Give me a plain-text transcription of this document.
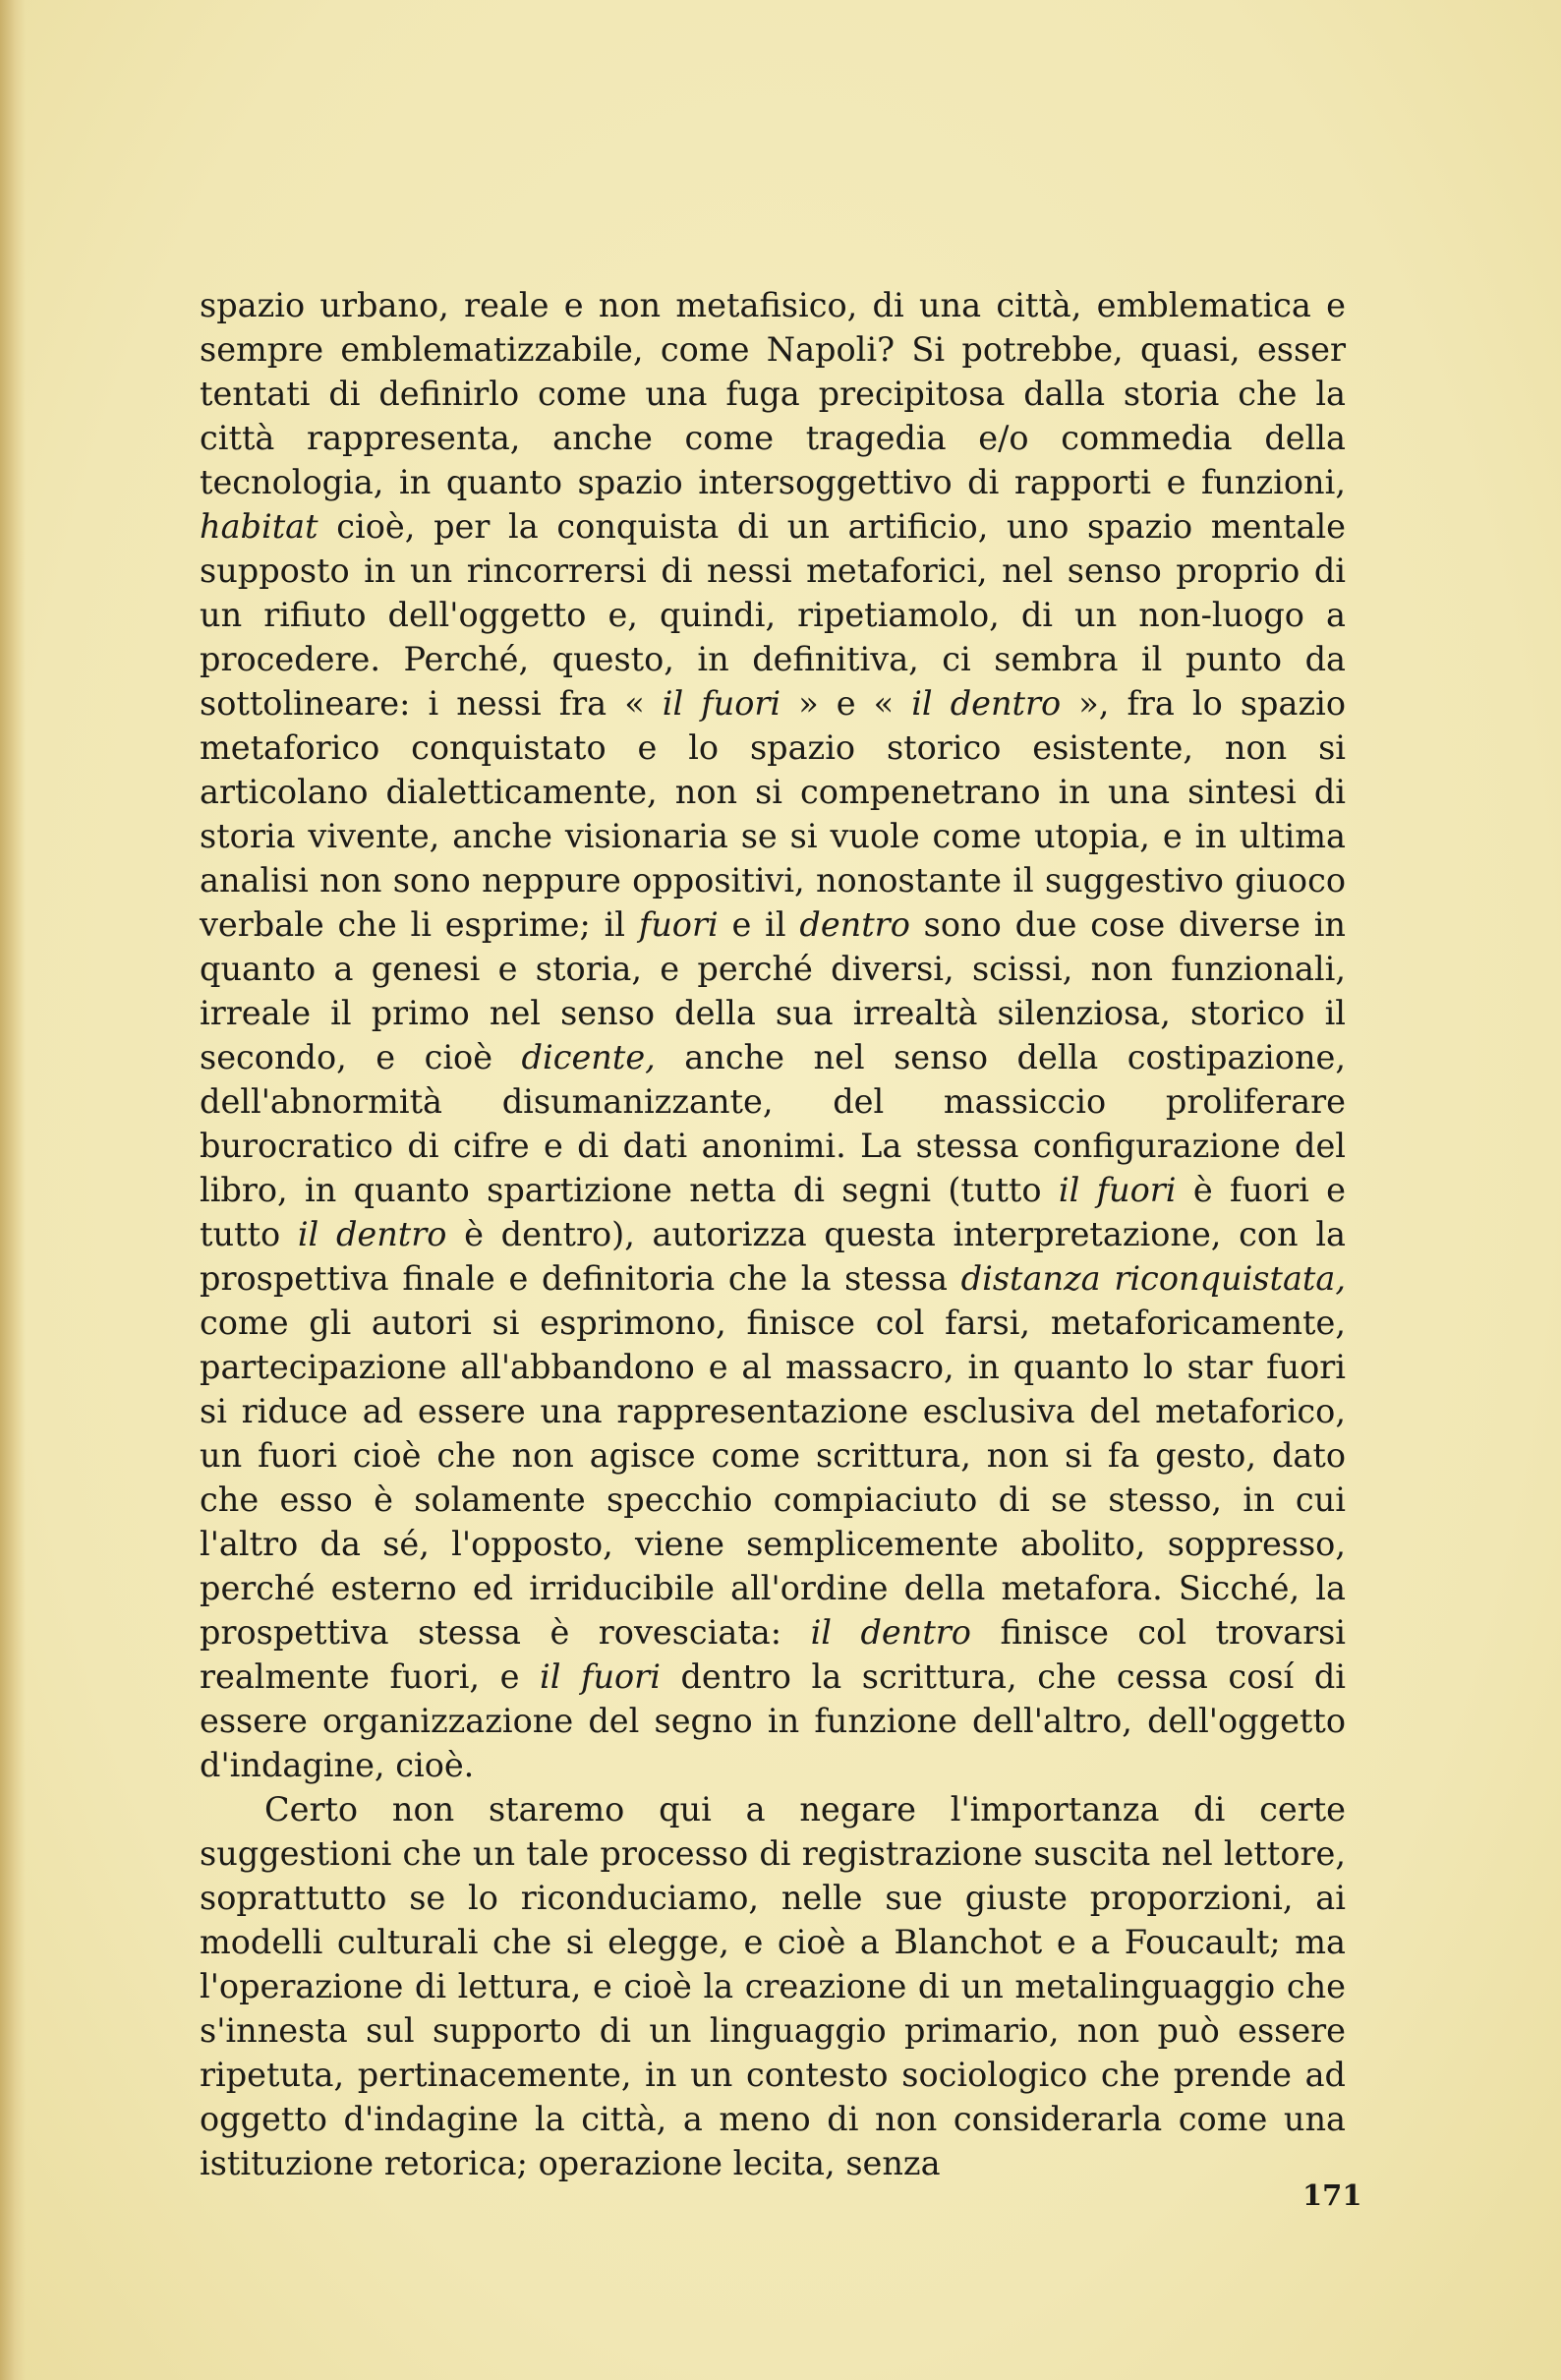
spazio urbano, reale e non metafisico, di una città, emblematica e sempre emblematizzabile, come Napoli? Si potrebbe, quasi, esser tentati di definirlo come una fuga precipitosa dalla storia che la città rappresenta, anche come tragedia e/o commedia della tecnologia, in quanto spazio intersoggettivo di rapporti e funzioni, habitat cioè, per la conquista di un artificio, uno spazio mentale supposto in un rincorrersi di nessi metaforici, nel senso proprio di un rifiuto dell'oggetto e, quindi, ripetiamolo, di un non-luogo a procedere. Perché, questo, in definitiva, ci sembra il punto da sottolineare: i nessi fra « il fuori » e « il dentro », fra lo spazio metaforico conquistato e lo spazio storico esistente, non si articolano dialetticamente, non si compenetrano in una sintesi di storia vivente, anche visionaria se si vuole come utopia, e in ultima analisi non sono neppure oppositivi, nonostante il suggestivo giuoco verbale che li esprime; il fuori e il dentro sono due cose diverse in quanto a genesi e storia, e perché diversi, scissi, non funzionali, irreale il primo nel senso della sua irrealtà silenziosa, storico il secondo, e cioè dicente, anche nel senso della costipazione, dell'abnormità disumanizzante, del massiccio proliferare burocratico di cifre e di dati anonimi. La stessa configurazione del libro, in quanto spartizione netta di segni (tutto il fuori è fuori e tutto il dentro è dentro), autorizza questa interpretazione, con la prospettiva finale e definitoria che la stessa distanza riconquistata, come gli autori si esprimono, finisce col farsi, metaforicamente, partecipazione all'abbandono e al massacro, in quanto lo star fuori si riduce ad essere una rappresentazione esclusiva del metaforico, un fuori cioè che non agisce come scrittura, non si fa gesto, dato che esso è solamente specchio compiaciuto di se stesso, in cui l'altro da sé, l'opposto, viene semplicemente abolito, soppresso, perché esterno ed irriducibile all'ordine della metafora. Sicché, la prospettiva stessa è rovesciata: il dentro finisce col trovarsi realmente fuori, e il fuori dentro la scrittura, che cessa cosí di essere organizzazione del segno in funzione dell'altro, dell'oggetto d'indagine, cioè.

Certo non staremo qui a negare l'importanza di certe suggestioni che un tale processo di registrazione suscita nel lettore, soprattutto se lo riconduciamo, nelle sue giuste proporzioni, ai modelli culturali che si elegge, e cioè a Blanchot e a Foucault; ma l'operazione di lettura, e cioè la creazione di un metalinguaggio che s'innesta sul supporto di un linguaggio primario, non può essere ripetuta, pertinacemente, in un contesto sociologico che prende ad oggetto d'indagine la città, a meno di non considerarla come una istituzione retorica; operazione lecita, senza

171
